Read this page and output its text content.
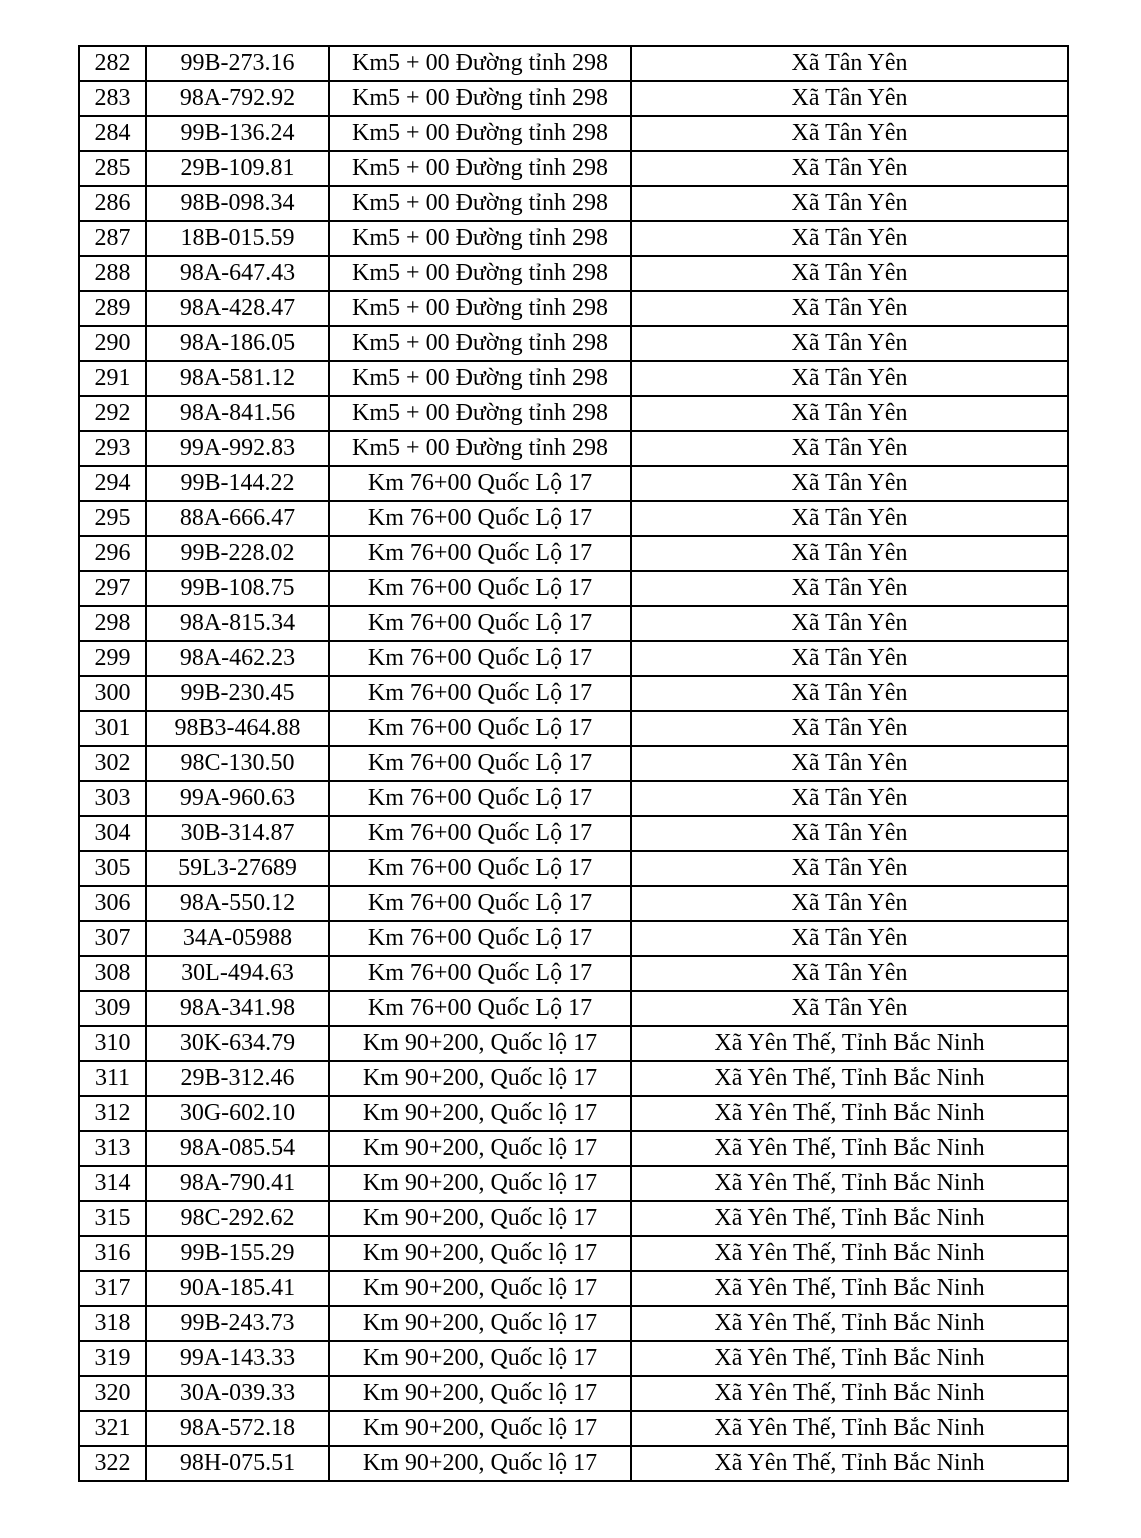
282	99B-273.16	Km5 + 00 Đường tỉnh 298	Xã Tân Yên
283	98A-792.92	Km5 + 00 Đường tỉnh 298	Xã Tân Yên
284	99B-136.24	Km5 + 00 Đường tỉnh 298	Xã Tân Yên
285	29B-109.81	Km5 + 00 Đường tỉnh 298	Xã Tân Yên
286	98B-098.34	Km5 + 00 Đường tỉnh 298	Xã Tân Yên
287	18B-015.59	Km5 + 00 Đường tỉnh 298	Xã Tân Yên
288	98A-647.43	Km5 + 00 Đường tỉnh 298	Xã Tân Yên
289	98A-428.47	Km5 + 00 Đường tỉnh 298	Xã Tân Yên
290	98A-186.05	Km5 + 00 Đường tỉnh 298	Xã Tân Yên
291	98A-581.12	Km5 + 00 Đường tỉnh 298	Xã Tân Yên
292	98A-841.56	Km5 + 00 Đường tỉnh 298	Xã Tân Yên
293	99A-992.83	Km5 + 00 Đường tỉnh 298	Xã Tân Yên
294	99B-144.22	Km 76+00 Quốc Lộ 17	Xã Tân Yên
295	88A-666.47	Km 76+00 Quốc Lộ 17	Xã Tân Yên
296	99B-228.02	Km 76+00 Quốc Lộ 17	Xã Tân Yên
297	99B-108.75	Km 76+00 Quốc Lộ 17	Xã Tân Yên
298	98A-815.34	Km 76+00 Quốc Lộ 17	Xã Tân Yên
299	98A-462.23	Km 76+00 Quốc Lộ 17	Xã Tân Yên
300	99B-230.45	Km 76+00 Quốc Lộ 17	Xã Tân Yên
301	98B3-464.88	Km 76+00 Quốc Lộ 17	Xã Tân Yên
302	98C-130.50	Km 76+00 Quốc Lộ 17	Xã Tân Yên
303	99A-960.63	Km 76+00 Quốc Lộ 17	Xã Tân Yên
304	30B-314.87	Km 76+00 Quốc Lộ 17	Xã Tân Yên
305	59L3-27689	Km 76+00 Quốc Lộ 17	Xã Tân Yên
306	98A-550.12	Km 76+00 Quốc Lộ 17	Xã Tân Yên
307	34A-05988	Km 76+00 Quốc Lộ 17	Xã Tân Yên
308	30L-494.63	Km 76+00 Quốc Lộ 17	Xã Tân Yên
309	98A-341.98	Km 76+00 Quốc Lộ 17	Xã Tân Yên
310	30K-634.79	Km 90+200, Quốc lộ 17	Xã Yên Thế, Tỉnh Bắc Ninh
311	29B-312.46	Km 90+200, Quốc lộ 17	Xã Yên Thế, Tỉnh Bắc Ninh
312	30G-602.10	Km 90+200, Quốc lộ 17	Xã Yên Thế, Tỉnh Bắc Ninh
313	98A-085.54	Km 90+200, Quốc lộ 17	Xã Yên Thế, Tỉnh Bắc Ninh
314	98A-790.41	Km 90+200, Quốc lộ 17	Xã Yên Thế, Tỉnh Bắc Ninh
315	98C-292.62	Km 90+200, Quốc lộ 17	Xã Yên Thế, Tỉnh Bắc Ninh
316	99B-155.29	Km 90+200, Quốc lộ 17	Xã Yên Thế, Tỉnh Bắc Ninh
317	90A-185.41	Km 90+200, Quốc lộ 17	Xã Yên Thế, Tỉnh Bắc Ninh
318	99B-243.73	Km 90+200, Quốc lộ 17	Xã Yên Thế, Tỉnh Bắc Ninh
319	99A-143.33	Km 90+200, Quốc lộ 17	Xã Yên Thế, Tỉnh Bắc Ninh
320	30A-039.33	Km 90+200, Quốc lộ 17	Xã Yên Thế, Tỉnh Bắc Ninh
321	98A-572.18	Km 90+200, Quốc lộ 17	Xã Yên Thế, Tỉnh Bắc Ninh
322	98H-075.51	Km 90+200, Quốc lộ 17	Xã Yên Thế, Tỉnh Bắc Ninh
